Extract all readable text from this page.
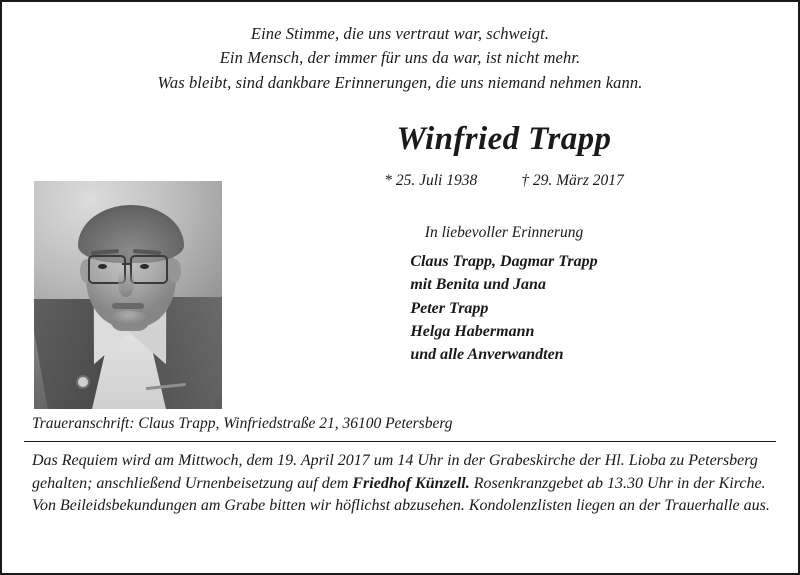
Eine Stimme, die uns vertraut war, schweigt.
Ein Mensch, der immer für uns da war, ist nicht mehr.
Was bleibt, sind dankbare Erinnerungen, die uns niemand nehmen kann.
Winfried Trapp
* 25. Juli 1938	† 29. März 2017
In liebevoller Erinnerung
Claus Trapp, Dagmar Trapp
mit Benita und Jana
Peter Trapp
Helga Habermann
und alle Anverwandten
Traueranschrift: Claus Trapp, Winfriedstraße 21, 36100 Petersberg
Das Requiem wird am Mittwoch, dem 19. April 2017 um 14 Uhr in der Grabeskirche der Hl. Lioba zu Petersberg gehalten; anschließend Urnenbeisetzung auf dem Friedhof Künzell. Rosenkranzgebet ab 13.30 Uhr in der Kirche. Von Beileidsbekundungen am Grabe bitten wir höflichst abzusehen. Kondolenzlisten liegen an der Trauerhalle aus.
